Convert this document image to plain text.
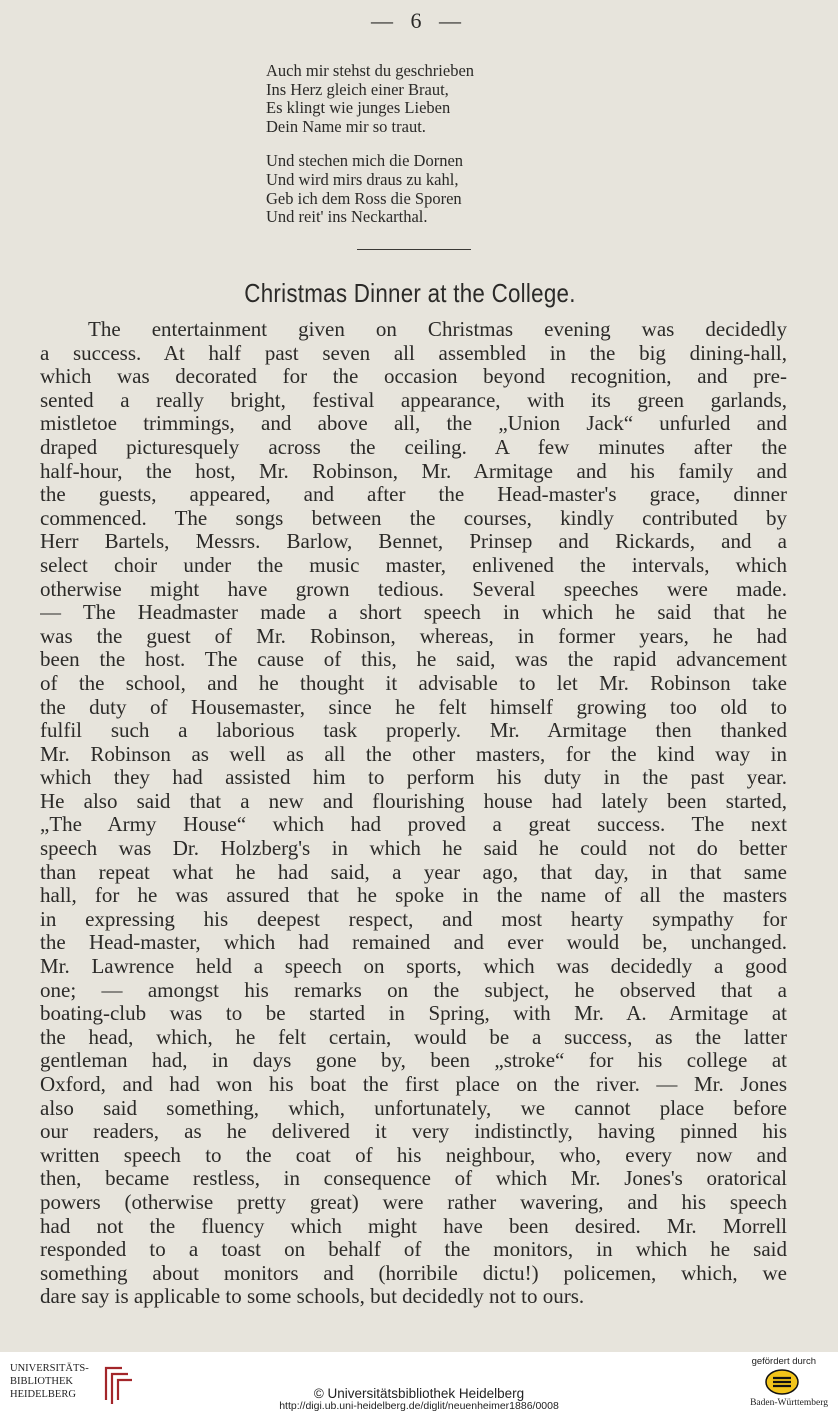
— 6 —
Auch mir stehst du geschrieben
Ins Herz gleich einer Braut,
Es klingt wie junges Lieben
Dein Name mir so traut.
Und stechen mich die Dornen
Und wird mirs draus zu kahl,
Geb ich dem Ross die Sporen
Und reit' ins Neckarthal.
Christmas Dinner at the College.
The entertainment given on Christmas evening was decidedly
a success. At half past seven all assembled in the big dining-hall,
which was decorated for the occasion beyond recognition, and pre-
sented a really bright, festival appearance, with its green garlands,
mistletoe trimmings, and above all, the „Union Jack“ unfurled and
draped picturesquely across the ceiling. A few minutes after the
half-hour, the host, Mr. Robinson, Mr. Armitage and his family and
the guests, appeared, and after the Head-master's grace, dinner
commenced. The songs between the courses, kindly contributed by
Herr Bartels, Messrs. Barlow, Bennet, Prinsep and Rickards, and a
select choir under the music master, enlivened the intervals, which
otherwise might have grown tedious. Several speeches were made.
— The Headmaster made a short speech in which he said that he
was the guest of Mr. Robinson, whereas, in former years, he had
been the host. The cause of this, he said, was the rapid advancement
of the school, and he thought it advisable to let Mr. Robinson take
the duty of Housemaster, since he felt himself growing too old to
fulfil such a laborious task properly. Mr. Armitage then thanked
Mr. Robinson as well as all the other masters, for the kind way in
which they had assisted him to perform his duty in the past year.
He also said that a new and flourishing house had lately been started,
„The Army House“ which had proved a great success. The next
speech was Dr. Holzberg's in which he said he could not do better
than repeat what he had said, a year ago, that day, in that same
hall, for he was assured that he spoke in the name of all the masters
in expressing his deepest respect, and most hearty sympathy for
the Head-master, which had remained and ever would be, unchanged.
Mr. Lawrence held a speech on sports, which was decidedly a good
one; — amongst his remarks on the subject, he observed that a
boating-club was to be started in Spring, with Mr. A. Armitage at
the head, which, he felt certain, would be a success, as the latter
gentleman had, in days gone by, been „stroke“ for his college at
Oxford, and had won his boat the first place on the river. — Mr. Jones
also said something, which, unfortunately, we cannot place before
our readers, as he delivered it very indistinctly, having pinned his
written speech to the coat of his neighbour, who, every now and
then, became restless, in consequence of which Mr. Jones's oratorical
powers (otherwise pretty great) were rather wavering, and his speech
had not the fluency which might have been desired. Mr. Morrell
responded to a toast on behalf of the monitors, in which he said
something about monitors and (horribile dictu!) policemen, which, we
dare say is applicable to some schools, but decidedly not to ours.
UNIVERSITÄTS-
BIBLIOTHEK
HEIDELBERG	© Universitätsbibliothek Heidelberg
http://digi.ub.uni-heidelberg.de/diglit/neuenheimer1886/0008
gefördert durch
Baden-Württemberg
